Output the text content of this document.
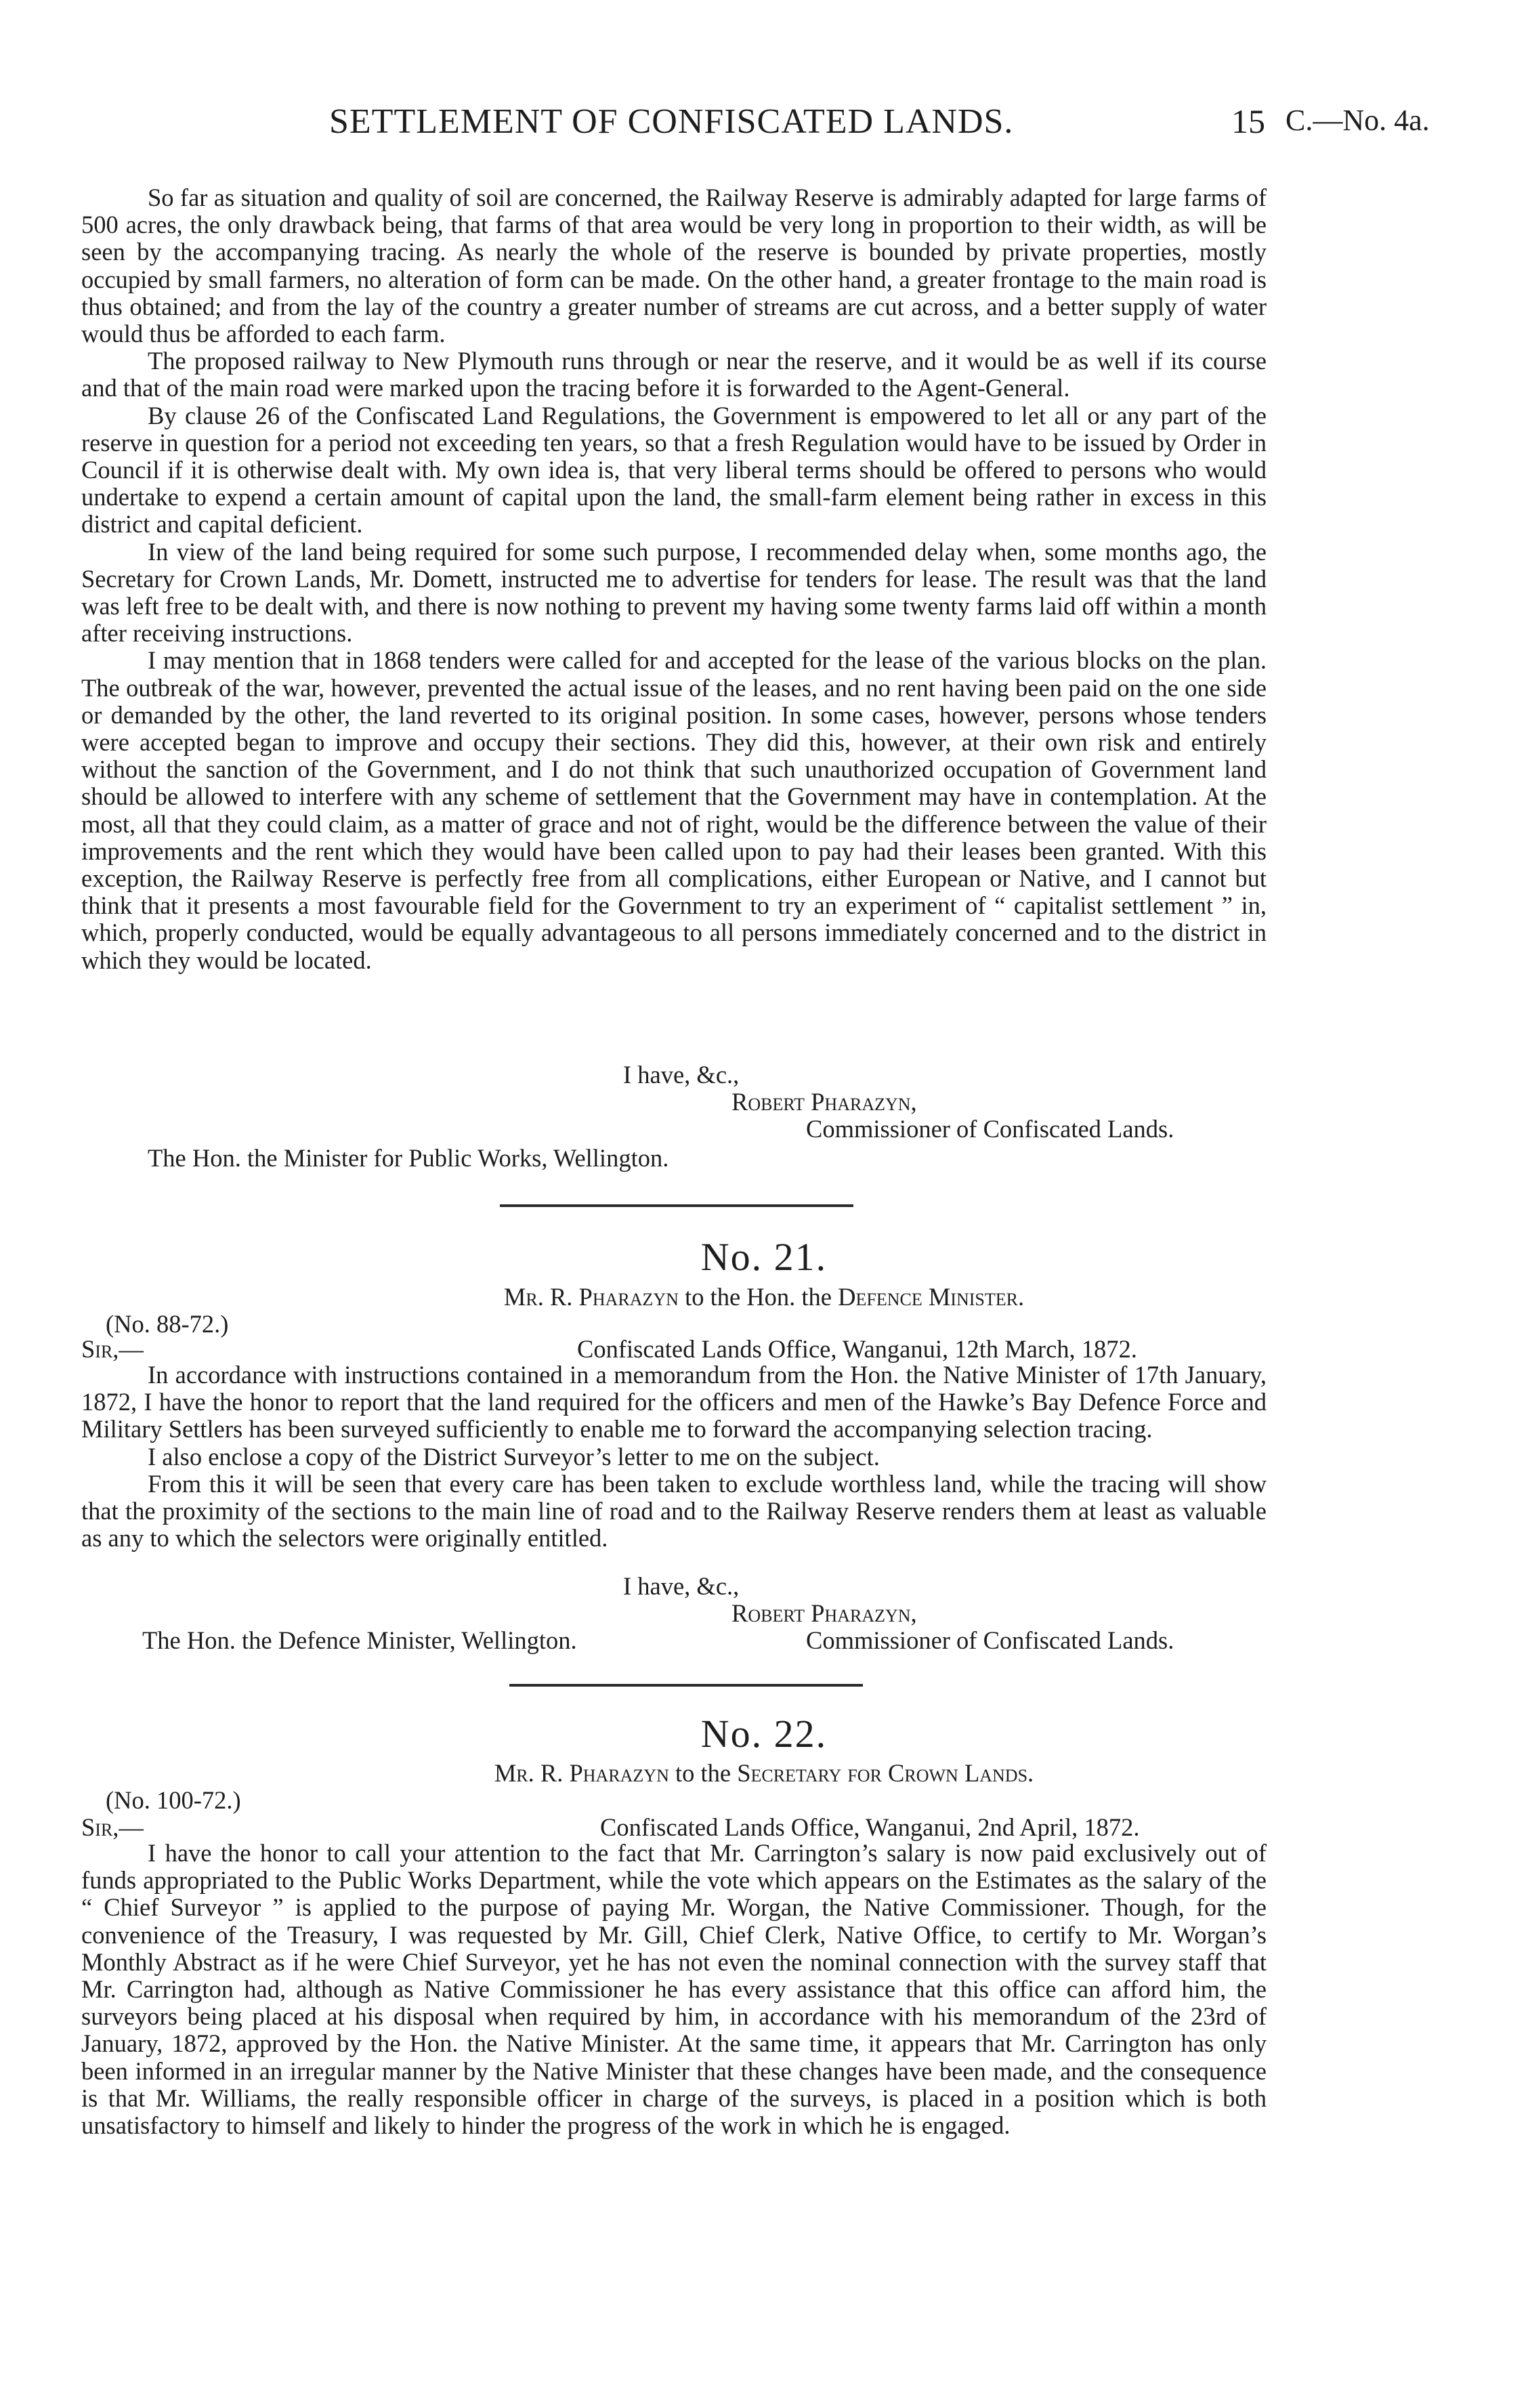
SETTLEMENT OF CONFISCATED LANDS.	15 C.—No. 4a.

So far as situation and quality of soil are concerned, the Railway Reserve is admirably adapted for large farms of 500 acres, the only drawback being, that farms of that area would be very long in proportion to their width, as will be seen by the accompanying tracing. As nearly the whole of the reserve is bounded by private properties, mostly occupied by small farmers, no alteration of form can be made. On the other hand, a greater frontage to the main road is thus obtained; and from the lay of the country a greater number of streams are cut across, and a better supply of water would thus be afforded to each farm.

The proposed railway to New Plymouth runs through or near the reserve, and it would be as well if its course and that of the main road were marked upon the tracing before it is forwarded to the Agent-General.

By clause 26 of the Confiscated Land Regulations, the Government is empowered to let all or any part of the reserve in question for a period not exceeding ten years, so that a fresh Regulation would have to be issued by Order in Council if it is otherwise dealt with. My own idea is, that very liberal terms should be offered to persons who would undertake to expend a certain amount of capital upon the land, the small-farm element being rather in excess in this district and capital deficient.

In view of the land being required for some such purpose, I recommended delay when, some months ago, the Secretary for Crown Lands, Mr. Domett, instructed me to advertise for tenders for lease. The result was that the land was left free to be dealt with, and there is now nothing to prevent my having some twenty farms laid off within a month after receiving instructions.

I may mention that in 1868 tenders were called for and accepted for the lease of the various blocks on the plan. The outbreak of the war, however, prevented the actual issue of the leases, and no rent having been paid on the one side or demanded by the other, the land reverted to its original position. In some cases, however, persons whose tenders were accepted began to improve and occupy their sections. They did this, however, at their own risk and entirely without the sanction of the Government, and I do not think that such unauthorized occupation of Government land should be allowed to interfere with any scheme of settlement that the Government may have in contemplation. At the most, all that they could claim, as a matter of grace and not of right, would be the difference between the value of their improvements and the rent which they would have been called upon to pay had their leases been granted. With this exception, the Railway Reserve is perfectly free from all complications, either European or Native, and I cannot but think that it presents a most favourable field for the Government to try an experiment of “ capitalist settlement ” in, which, properly conducted, would be equally advantageous to all persons immediately concerned and to the district in which they would be located.

I have, &c.,
Robert Pharazyn,
Commissioner of Confiscated Lands.
The Hon. the Minister for Public Works, Wellington.
No. 21.
Mr. R. Pharazyn to the Hon. the Defence Minister.
(No. 88-72.)
Sir,—	Confiscated Lands Office, Wanganui, 12th March, 1872.

In accordance with instructions contained in a memorandum from the Hon. the Native Minister of 17th January, 1872, I have the honor to report that the land required for the officers and men of the Hawke’s Bay Defence Force and Military Settlers has been surveyed sufficiently to enable me to forward the accompanying selection tracing.

I also enclose a copy of the District Surveyor’s letter to me on the subject.

From this it will be seen that every care has been taken to exclude worthless land, while the tracing will show that the proximity of the sections to the main line of road and to the Railway Reserve renders them at least as valuable as any to which the selectors were originally entitled.

I have, &c.,
Robert Pharazyn,
The Hon. the Defence Minister, Wellington.	Commissioner of Confiscated Lands.
No. 22.
Mr. R. Pharazyn to the Secretary for Crown Lands.
(No. 100-72.)
Sir,—	Confiscated Lands Office, Wanganui, 2nd April, 1872.

I have the honor to call your attention to the fact that Mr. Carrington’s salary is now paid exclusively out of funds appropriated to the Public Works Department, while the vote which appears on the Estimates as the salary of the “ Chief Surveyor ” is applied to the purpose of paying Mr. Worgan, the Native Commissioner. Though, for the convenience of the Treasury, I was requested by Mr. Gill, Chief Clerk, Native Office, to certify to Mr. Worgan’s Monthly Abstract as if he were Chief Surveyor, yet he has not even the nominal connection with the survey staff that Mr. Carrington had, although as Native Commissioner he has every assistance that this office can afford him, the surveyors being placed at his disposal when required by him, in accordance with his memorandum of the 23rd of January, 1872, approved by the Hon. the Native Minister. At the same time, it appears that Mr. Carrington has only been informed in an irregular manner by the Native Minister that these changes have been made, and the consequence is that Mr. Williams, the really responsible officer in charge of the surveys, is placed in a position which is both unsatisfactory to himself and likely to hinder the progress of the work in which he is engaged.
